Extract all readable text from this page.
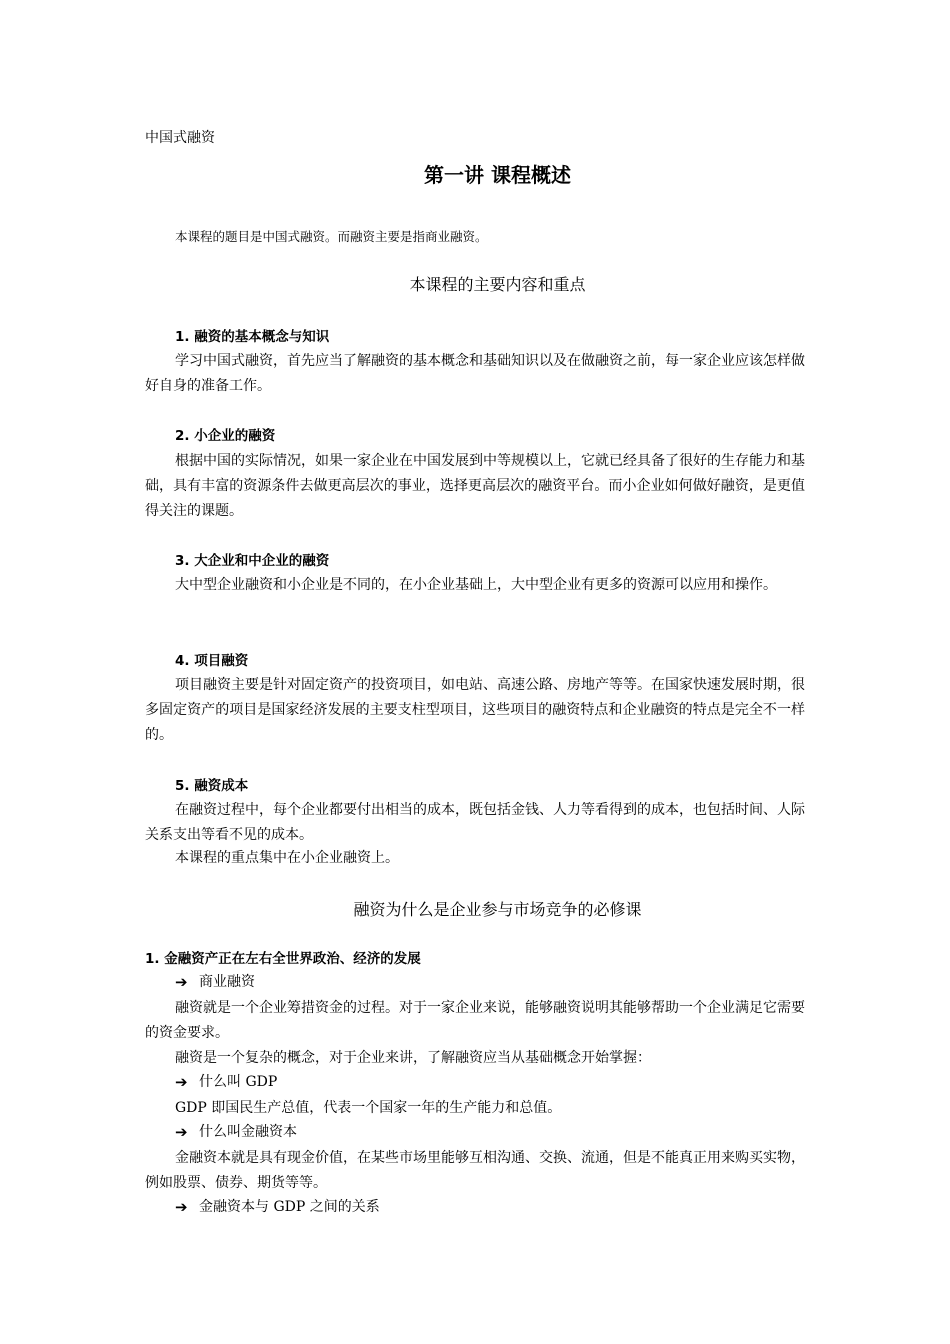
中国式融资
第一讲 课程概述
本课程的题目是中国式融资。而融资主要是指商业融资。
本课程的主要内容和重点
1. 融资的基本概念与知识

学习中国式融资，首先应当了解融资的基本概念和基础知识以及在做融资之前，每一家企业应该怎样做好自身的准备工作。

2. 小企业的融资

根据中国的实际情况，如果一家企业在中国发展到中等规模以上，它就已经具备了很好的生存能力和基础，具有丰富的资源条件去做更高层次的事业，选择更高层次的融资平台。而小企业如何做好融资，是更值得关注的课题。

3. 大企业和中企业的融资

大中型企业融资和小企业是不同的，在小企业基础上，大中型企业有更多的资源可以应用和操作。

4. 项目融资

项目融资主要是针对固定资产的投资项目，如电站、高速公路、房地产等等。在国家快速发展时期，很多固定资产的项目是国家经济发展的主要支柱型项目，这些项目的融资特点和企业融资的特点是完全不一样的。

5. 融资成本

在融资过程中，每个企业都要付出相当的成本，既包括金钱、人力等看得到的成本，也包括时间、人际关系支出等看不见的成本。

本课程的重点集中在小企业融资上。

融资为什么是企业参与市场竞争的必修课
1. 金融资产正在左右全世界政治、经济的发展
➔ 商业融资

融资就是一个企业筹措资金的过程。对于一家企业来说，能够融资说明其能够帮助一个企业满足它需要的资金要求。

融资是一个复杂的概念，对于企业来讲，了解融资应当从基础概念开始掌握：

➔ 什么叫 GDP

GDP 即国民生产总值，代表一个国家一年的生产能力和总值。

➔ 什么叫金融资本

金融资本就是具有现金价值，在某些市场里能够互相沟通、交换、流通，但是不能真正用来购买实物，例如股票、债券、期货等等。

➔ 金融资本与 GDP 之间的关系
